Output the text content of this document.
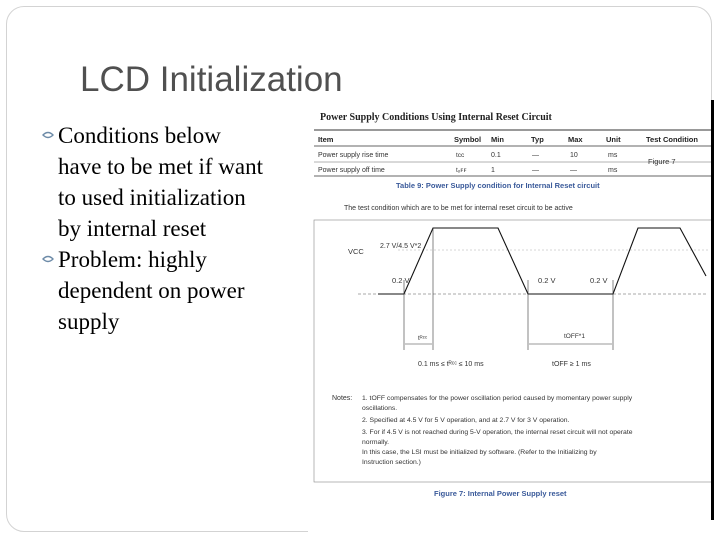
LCD Initialization
Conditions below
have to be met if want
to used initialization
by internal reset
Problem: highly
dependent on power
supply
Power Supply Conditions Using Internal Reset Circuit
Item	Symbol Min	Typ	Max	Unit	Test Condition
Power supply rise time	tᴄᴄ	0.1	—	10	ms
Figure 7
Power supply off time	tₒꜰꜰ	1	—	—	ms
Table 9: Power Supply condition for Internal Reset circuit
The test condition which are to be met for internal reset circuit to be active
VCC
2.7 V/4.5 V*2
0.2 V	0.2 V	0.2 V
tᴿᶜᶜ	tOFF*1
0.1 ms ≤ tᴿᶜᶜ ≤ 10 ms	tOFF ≥ 1 ms
Notes: 1. tOFF compensates for the power oscillation period caused by momentary power supply
oscillations.
2. Specified at 4.5 V for 5 V operation, and at 2.7 V for 3 V operation.
3. For if 4.5 V is not reached during 5-V operation, the internal reset circuit will not operate
normally.
In this case, the LSI must be initialized by software. (Refer to the Initializing by
Instruction section.)
Figure 7: Internal Power Supply reset
